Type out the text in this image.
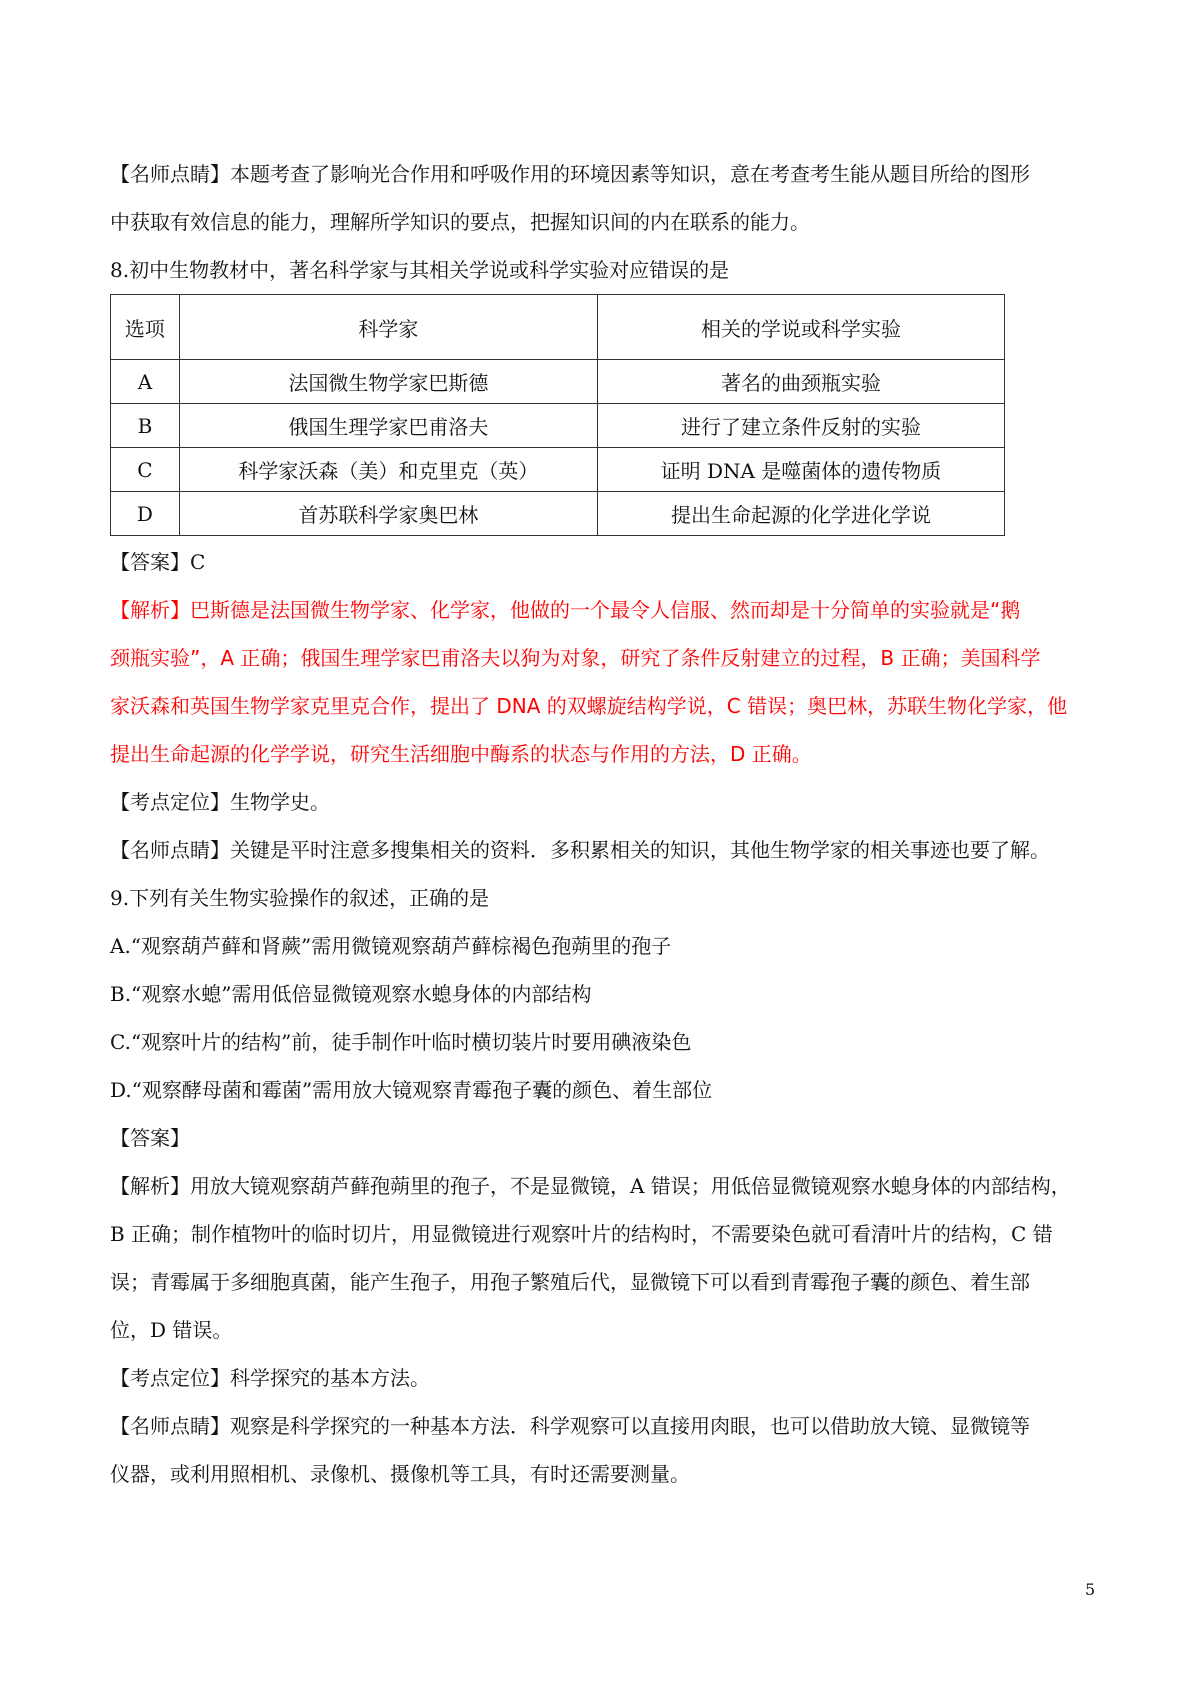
【名师点睛】本题考查了影响光合作用和呼吸作用的环境因素等知识，意在考查考生能从题目所给的图形

中获取有效信息的能力，理解所学知识的要点，把握知识间的内在联系的能力。

8.初中生物教材中，著名科学家与其相关学说或科学实验对应错误的是

选项	科学家	相关的学说或科学实验
A	法国微生物学家巴斯德	著名的曲颈瓶实验
B	俄国生理学家巴甫洛夫	进行了建立条件反射的实验
C	科学家沃森（美）和克里克（英）	证明 DNA 是噬菌体的遗传物质
D	首苏联科学家奥巴林	提出生命起源的化学进化学说

【答案】C

【解析】巴斯德是法国微生物学家、化学家，他做的一个最令人信服、然而却是十分简单的实验就是“鹅

颈瓶实验”，A 正确；俄国生理学家巴甫洛夫以狗为对象，研究了条件反射建立的过程，B 正确；美国科学

家沃森和英国生物学家克里克合作，提出了 DNA 的双螺旋结构学说，C 错误；奥巴林，苏联生物化学家，他

提出生命起源的化学学说，研究生活细胞中酶系的状态与作用的方法，D 正确。

【考点定位】生物学史。

【名师点睛】关键是平时注意多搜集相关的资料．多积累相关的知识，其他生物学家的相关事迹也要了解。

9.下列有关生物实验操作的叙述，正确的是

A.“观察葫芦藓和肾蕨”需用微镜观察葫芦藓棕褐色孢蒴里的孢子

B.“观察水螅”需用低倍显微镜观察水螅身体的内部结构

C.“观察叶片的结构”前，徒手制作叶临时横切装片时要用碘液染色

D.“观察酵母菌和霉菌”需用放大镜观察青霉孢子囊的颜色、着生部位

【答案】

【解析】用放大镜观察葫芦藓孢蒴里的孢子，不是显微镜，A 错误；用低倍显微镜观察水螅身体的内部结构，

B 正确；制作植物叶的临时切片，用显微镜进行观察叶片的结构时，不需要染色就可看清叶片的结构，C 错

误；青霉属于多细胞真菌，能产生孢子，用孢子繁殖后代，显微镜下可以看到青霉孢子囊的颜色、着生部

位，D 错误。

【考点定位】科学探究的基本方法。

【名师点睛】观察是科学探究的一种基本方法．科学观察可以直接用肉眼，也可以借助放大镜、显微镜等

仪器，或利用照相机、录像机、摄像机等工具，有时还需要测量。

5
